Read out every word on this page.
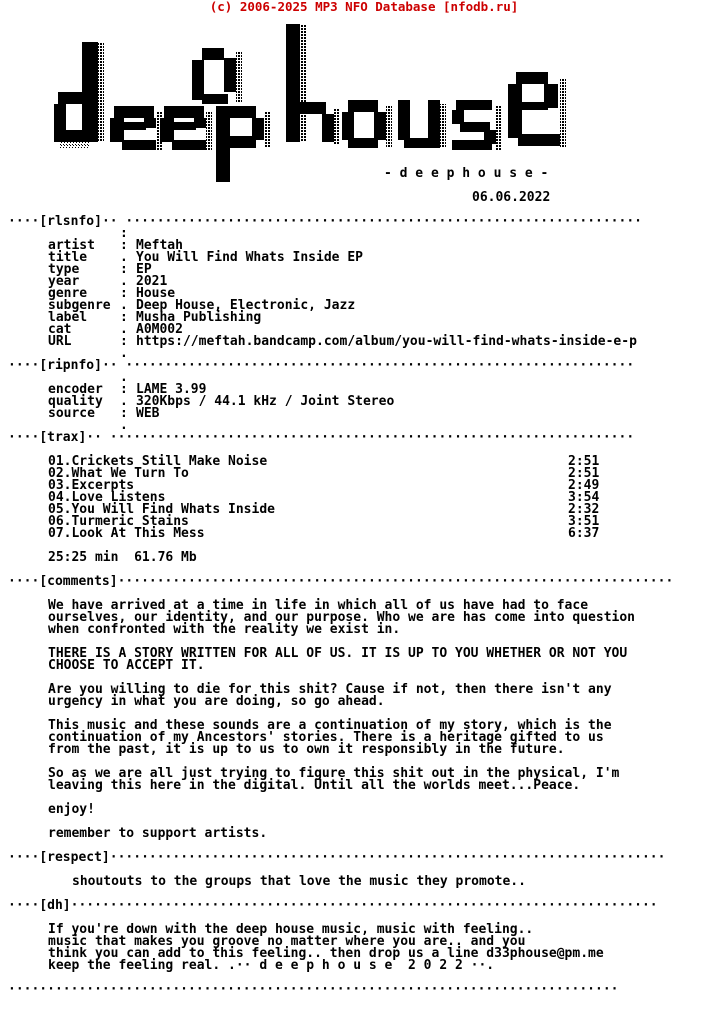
(c) 2006-2025 MP3 NFO Database [nfodb.ru]
- d e e p h o u s e -
06.06.2022
····[rlsnfo]·· ··································································
:
artist : Meftah
title	. You Will Find Whats Inside EP
type	: EP
year	. 2021
genre	: House
subgenre . Deep House, Electronic, Jazz
label	: Musha Publishing
cat	. A0M002
URL	: https://meftah.bandcamp.com/album/you-will-find-whats-inside-e-p
.
····[ripnfo]·· ·································································
.
encoder : LAME 3.99
quality . 320Kbps / 44.1 kHz / Joint Stereo
source : WEB
.
····[trax]·· ···································································
01.Crickets Still Make Noise	2:51
02.What We Turn To	2:51
03.Excerpts	2:49
04.Love Listens	3:54
05.You Will Find Whats Inside	2:32
06.Turmeric Stains	3:51
07.Look At This Mess	6:37
25:25 min  61.76 Mb
····[comments]·······································································
We have arrived at a time in life in which all of us have had to face
ourselves, our identity, and our purpose. Who we are has come into question
when confronted with the reality we exist in.
THERE IS A STORY WRITTEN FOR ALL OF US. IT IS UP TO YOU WHETHER OR NOT YOU
CHOOSE TO ACCEPT IT.
Are you willing to die for this shit? Cause if not, then there isn't any
urgency in what you are doing, so go ahead.
This music and these sounds are a continuation of my story, which is the
continuation of my Ancestors' stories. There is a heritage gifted to us
from the past, it is up to us to own it responsibly in the future.
So as we are all just trying to figure this shit out in the physical, I'm
leaving this here in the digital. Until all the worlds meet...Peace.
enjoy!
remember to support artists.
····[respect]·······································································
shoutouts to the groups that love the music they promote..
····[dh]···········································································
If you're down with the deep house music, music with feeling..
music that makes you groove no matter where you are.. and you
think you can add to this feeling.. then drop us a line d33phouse@pm.me
keep the feeling real. .·· d e e p h o u s e  2 0 2 2 ··.
··············································································
